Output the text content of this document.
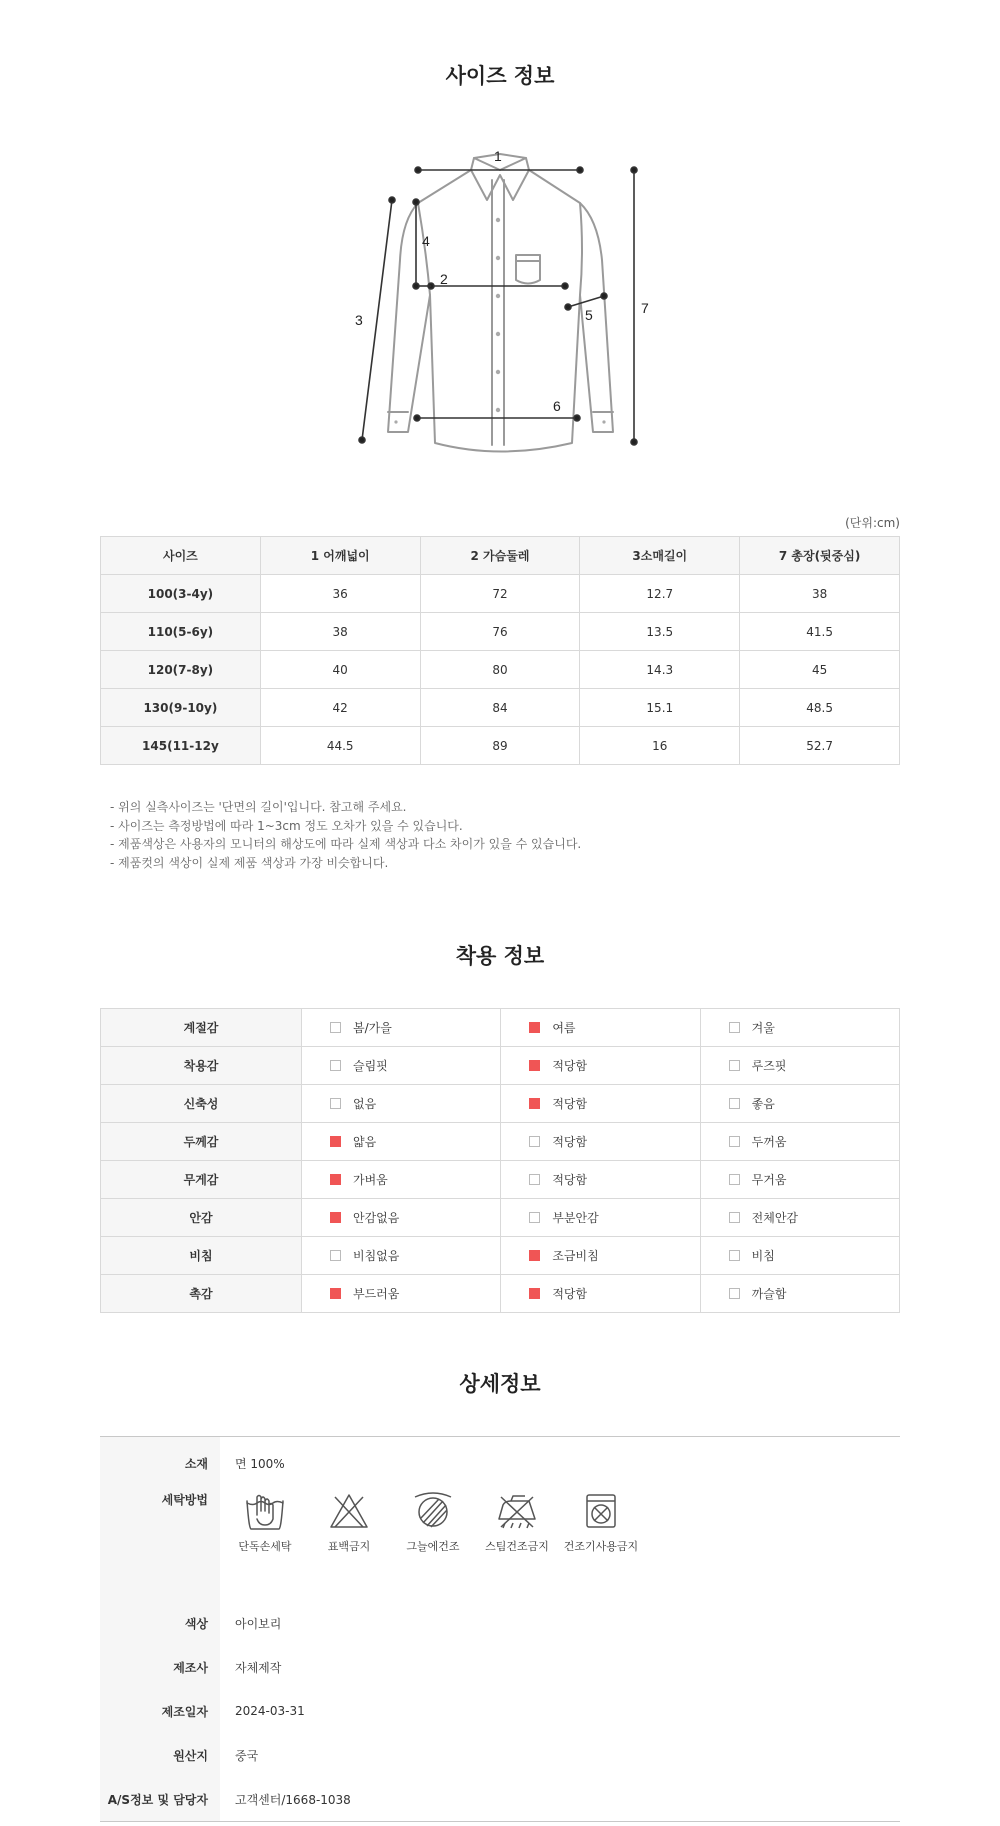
사이즈 정보
1
2
3
4
5
6
7
(단위:cm)
사이즈	1 어깨넓이	2 가슴둘레	3소매길이	7 총장(뒷중심)
100(3-4y)	36	72	12.7	38
110(5-6y)	38	76	13.5	41.5
120(7-8y)	40	80	14.3	45
130(9-10y)	42	84	15.1	48.5
145(11-12y	44.5	89	16	52.7
- 위의 실측사이즈는 '단면의 길이'입니다. 참고해 주세요.
- 사이즈는 측정방법에 따라 1~3cm 정도 오차가 있을 수 있습니다.
- 제품색상은 사용자의 모니터의 해상도에 따라 실제 색상과 다소 차이가 있을 수 있습니다.
- 제품컷의 색상이 실제 제품 색상과 가장 비슷합니다.
착용 정보
계절감	봄/가을	여름	겨울
착용감	슬림핏	적당함	루즈핏
신축성	없음	적당함	좋음
두께감	얇음	적당함	두꺼움
무게감	가벼움	적당함	무거움
안감	안감없음	부분안감	전체안감
비침	비침없음	조금비침	비침
촉감	부드러움	적당함	까슬함
상세정보
소재	면 100%
세탁방법
단독손세탁	표백금지	그늘에건조	스팀건조금지	건조기사용금지
색상	아이보리
제조사	자체제작
제조일자	2024-03-31
원산지	중국
A/S정보 및 담당자	고객센터/1668-1038
